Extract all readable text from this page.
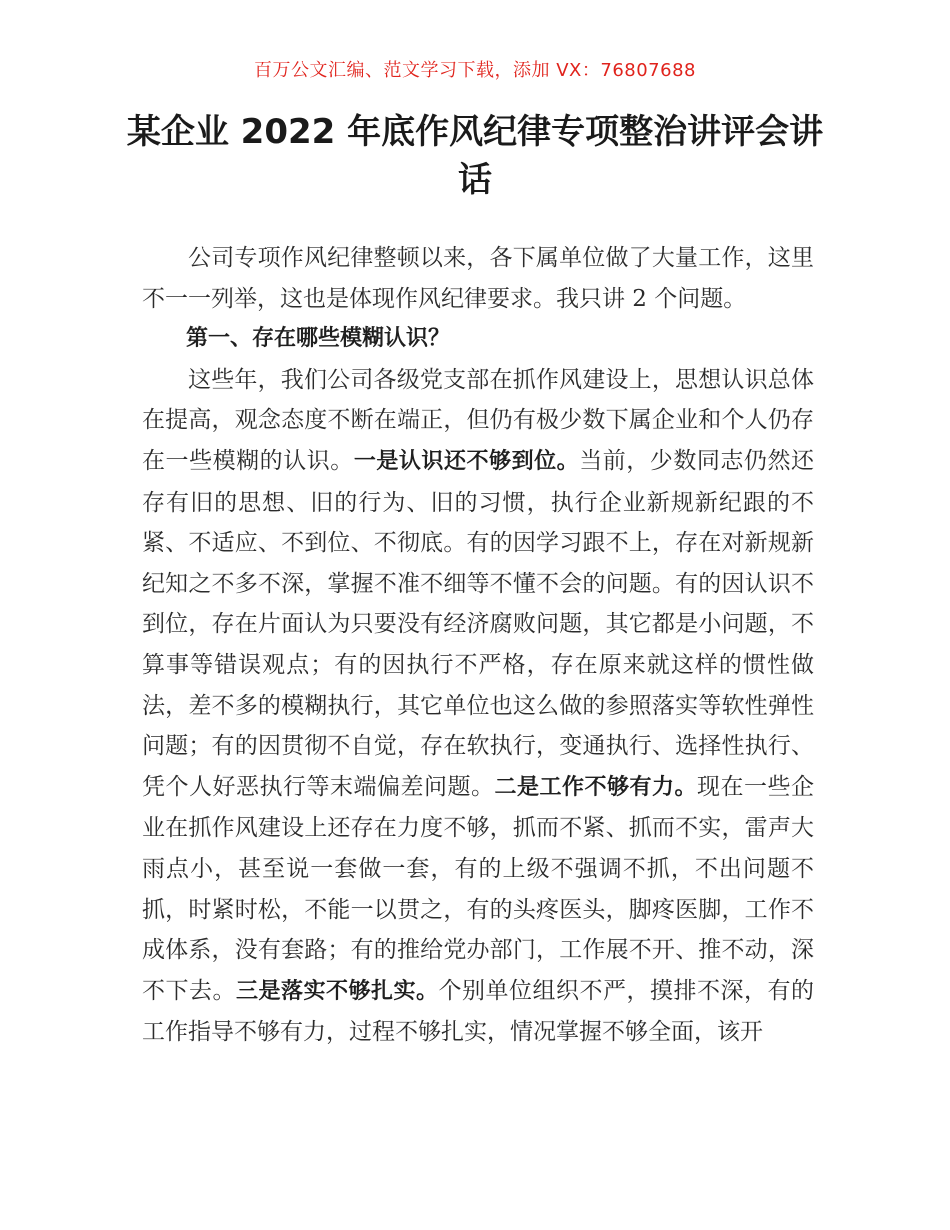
百万公文汇编、范文学习下载，添加 VX：76807688
某企业 2022 年底作风纪律专项整治讲评会讲话

公司专项作风纪律整顿以来，各下属单位做了大量工作，这里不一一列举，这也是体现作风纪律要求。我只讲 2 个问题。

第一、存在哪些模糊认识？

这些年，我们公司各级党支部在抓作风建设上，思想认识总体在提高，观念态度不断在端正，但仍有极少数下属企业和个人仍存在一些模糊的认识。一是认识还不够到位。当前，少数同志仍然还存有旧的思想、旧的行为、旧的习惯，执行企业新规新纪跟的不紧、不适应、不到位、不彻底。有的因学习跟不上，存在对新规新纪知之不多不深，掌握不准不细等不懂不会的问题。有的因认识不到位，存在片面认为只要没有经济腐败问题，其它都是小问题，不算事等错误观点；有的因执行不严格，存在原来就这样的惯性做法，差不多的模糊执行，其它单位也这么做的参照落实等软性弹性问题；有的因贯彻不自觉，存在软执行，变通执行、选择性执行、凭个人好恶执行等末端偏差问题。二是工作不够有力。现在一些企业在抓作风建设上还存在力度不够，抓而不紧、抓而不实，雷声大雨点小，甚至说一套做一套，有的上级不强调不抓，不出问题不抓，时紧时松，不能一以贯之，有的头疼医头，脚疼医脚，工作不成体系，没有套路；有的推给党办部门，工作展不开、推不动，深不下去。三是落实不够扎实。个别单位组织不严，摸排不深，有的工作指导不够有力，过程不够扎实，情况掌握不够全面，该开
